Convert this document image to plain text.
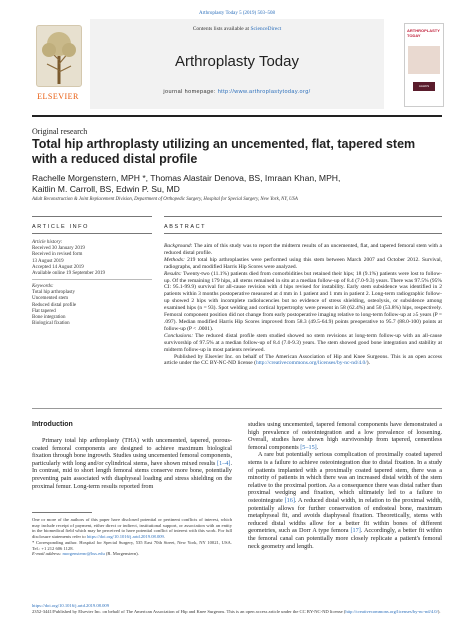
Arthroplasty Today 5 (2019) 503–508
ELSEVIER
Contents lists available at ScienceDirect
Arthroplasty Today
journal homepage: http://www.arthroplastytoday.org/
ARTHROPLASTY TODAY
AAHKS
Original research
Total hip arthroplasty utilizing an uncemented, flat, tapered stem with a reduced distal profile
Rachelle Morgenstern, MPH *, Thomas Alastair Denova, BS, Imraan Khan, MPH,
Kaitlin M. Carroll, BS, Edwin P. Su, MD
Adult Reconstruction & Joint Replacement Division, Department of Orthopedic Surgery, Hospital for Special Surgery, New York, NY, USA
ARTICLE INFO
Article history:
Received 30 January 2019
Received in revised form
13 August 2019
Accepted 14 August 2019
Available online 19 September 2019
Keywords:
Total hip arthroplasty
Uncemented stem
Reduced distal profile
Flat tapered
Bone integration
Biological fixation
ABSTRACT

Background: The aim of this study was to report the midterm results of an uncemented, flat, and tapered femoral stem with a reduced distal profile.

Methods: 219 total hip arthroplasties were performed using this stem between March 2007 and October 2012. Survival, radiographs, and modified Harris Hip Scores were analyzed.

Results: Twenty-two (11.1%) patients died from comorbidities but retained their hips; 18 (9.1%) patients were lost to follow-up. Of the remaining 179 hips, all stems remained in situ at a median follow-up of 8.4 (7.0-9.3) years. There was 97.5% (95% CI: 95.1-99.9) survival for all-cause revision with 4 hips revised for instability. Early stem subsidence was identified in 2 patients within 3 months postoperative measured at 4 mm in 1 patient and 1 mm in patient 2. Long-term radiographic follow-up showed 2 hips with incomplete radiolucencies but no evidence of stress shielding, osteolysis, or subsidence among examined hips (n = 93). Spot welding and cortical hypertrophy were present in 58 (62.4%) and 50 (53.8%) hips, respectively. Femoral component position did not change from early postoperative imaging relative to long-term follow-up at ≥5 years (P = .097). Median modified Harris Hip Scores improved from 58.3 (49.5-64.9) points preoperative to 95.7 (88.0-100) points at follow-up (P < .0001).

Conclusions: The reduced distal profile stem studied showed no stem revisions at long-term follow-up with an all-cause survivorship of 97.5% at a median follow-up of 8.4 (7.0-9.3) years. The stem showed good bone integration and stability at midterm follow-up in most patients reviewed.

Published by Elsevier Inc. on behalf of The American Association of Hip and Knee Surgeons. This is an open access article under the CC BY-NC-ND license (http://creativecommons.org/licenses/by-nc-nd/4.0/).

Introduction

Primary total hip arthroplasty (THA) with uncemented, tapered, porous-coated femoral components are designed to achieve maximum biological fixation through bone ingrowth. Studies using uncemented femoral components, particularly with long and/or cylindrical stems, have shown mixed results [1–4]. In contrast, mid to short length femoral stems conserve more bone, potentially preventing pain associated with diaphyseal loading and stress shielding on the proximal femur. Long-term results reported from

studies using uncemented, tapered femoral components have demonstrated a high prevalence of osteointegration and a low prevalence of loosening. Overall, studies have shown high survivorship from tapered, cementless femoral components [5–15].

A rare but potentially serious complication of proximally coated tapered stems is a failure to achieve osteointegration due to distal fixation. In a study of patients implanted with a proximally coated tapered stem, there was a minority of patients in which there was an increased distal width of the stem relative to the proximal portion. As a consequence there was distal rather than proximal wedging and fixation, which ultimately led to a failure to osteointegrate [16]. A reduced distal width, in relation to the proximal width, potentially allows for further conservation of endosteal bone, maximum metaphyseal fit, and avoids diaphyseal fixation. Theoretically, stems with reduced distal widths allow for a better fit within bones of different geometries, such as Dorr A type femora [17]. Accordingly, a better fit within the femoral canal can potentially more closely replicate a patient's femoral neck geometry and length.

One or more of the authors of this paper have disclosed potential or pertinent conflicts of interest, which may include receipt of payment, either direct or indirect, institutional support, or association with an entity in the biomedical field which may be perceived to have potential conflict of interest with this work. For full disclosure statements refer to https://doi.org/10.1016/j.artd.2019.08.009.

* Corresponding author. Hospital for Special Surgery, 535 East 70th Street, New York, NY 10021, USA. Tel.: +1 212 606 1128.

E-mail address: morgensternr@hss.edu (R. Morgenstern).

https://doi.org/10.1016/j.artd.2019.08.009
2352-3441/Published by Elsevier Inc. on behalf of The American Association of Hip and Knee Surgeons. This is an open access article under the CC BY-NC-ND license (http://creativecommons.org/licenses/by-nc-nd/4.0/).
